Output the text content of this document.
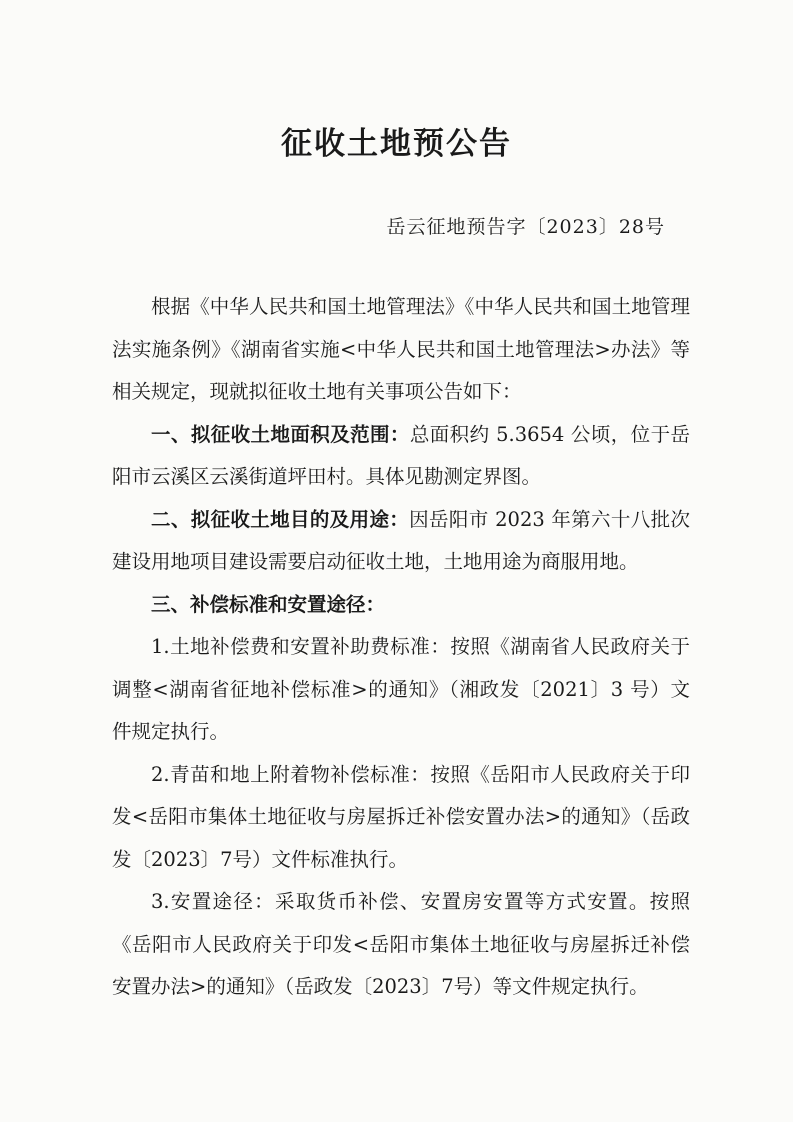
征收土地预公告
岳云征地预告字〔2023〕28号

根据《中华人民共和国土地管理法》《中华人民共和国土地管理法实施条例》《湖南省实施<中华人民共和国土地管理法>办法》等相关规定，现就拟征收土地有关事项公告如下：

一、拟征收土地面积及范围：总面积约 5.3654 公顷，位于岳阳市云溪区云溪街道坪田村。具体见勘测定界图。

二、拟征收土地目的及用途：因岳阳市 2023 年第六十八批次建设用地项目建设需要启动征收土地，土地用途为商服用地。

三、补偿标准和安置途径：

1.土地补偿费和安置补助费标准：按照《湖南省人民政府关于调整<湖南省征地补偿标准>的通知》（湘政发〔2021〕3 号）文件规定执行。

2.青苗和地上附着物补偿标准：按照《岳阳市人民政府关于印发<岳阳市集体土地征收与房屋拆迁补偿安置办法>的通知》（岳政发〔2023〕7号）文件标准执行。

3.安置途径：采取货币补偿、安置房安置等方式安置。按照《岳阳市人民政府关于印发<岳阳市集体土地征收与房屋拆迁补偿安置办法>的通知》（岳政发〔2023〕7号）等文件规定执行。
